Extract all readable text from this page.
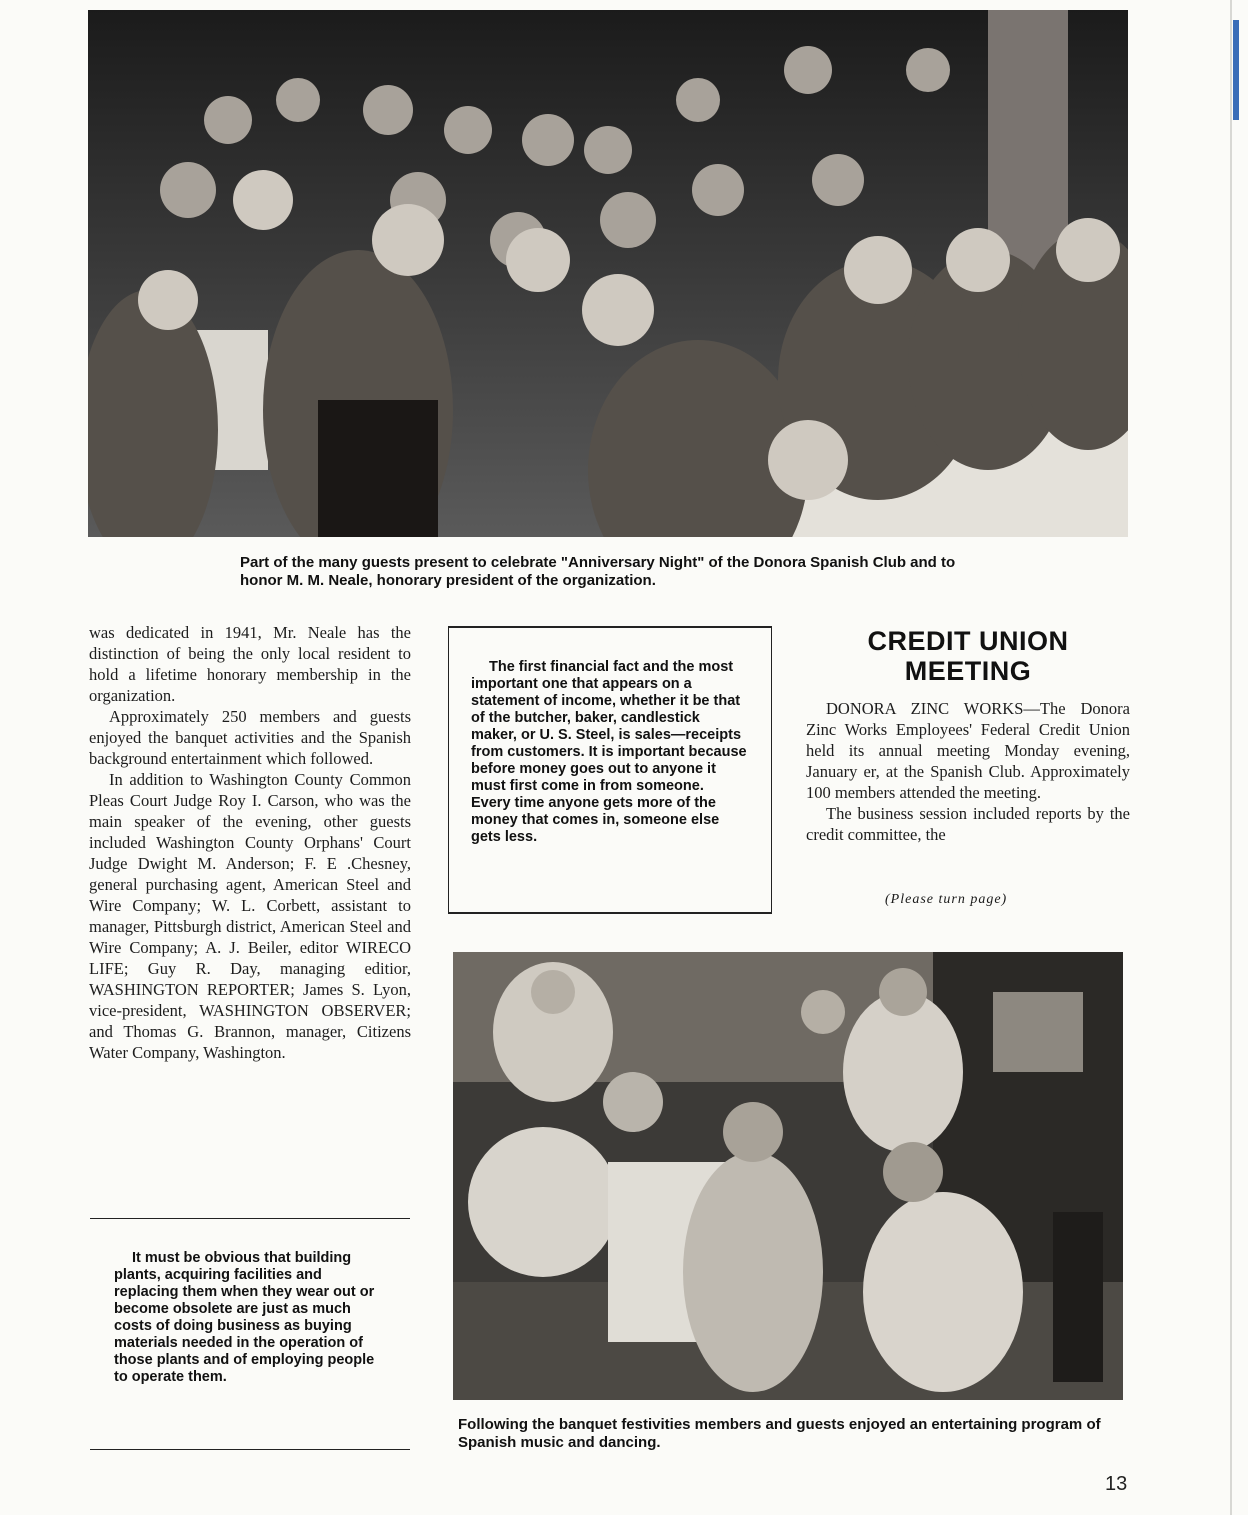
Part of the many guests present to celebrate "Anniversary Night" of the Donora Spanish Club and to honor M. M. Neale, honorary president of the organization.

was dedicated in 1941, Mr. Neale has the distinction of being the only local resident to hold a lifetime honorary membership in the organization.

Approximately 250 members and guests enjoyed the banquet activities and the Spanish background entertainment which followed.

In addition to Washington County Common Pleas Court Judge Roy I. Carson, who was the main speaker of the evening, other guests included Washington County Orphans' Court Judge Dwight M. Anderson; F. E .Chesney, general purchasing agent, American Steel and Wire Company; W. L. Corbett, assistant to manager, Pittsburgh district, American Steel and Wire Company; A. J. Beiler, editor WIRECO LIFE; Guy R. Day, managing editior, WASHINGTON REPORTER; James S. Lyon, vice-president, WASHINGTON OBSERVER; and Thomas G. Brannon, manager, Citizens Water Company, Washington.

It must be obvious that building plants, acquiring facilities and replacing them when they wear out or become obsolete are just as much costs of doing business as buying materials needed in the operation of those plants and of employing people to operate them.

The first financial fact and the most important one that appears on a statement of income, whether it be that of the butcher, baker, candlestick maker, or U. S. Steel, is sales—receipts from customers. It is important because before money goes out to anyone it must first come in from someone. Every time anyone gets more of the money that comes in, someone else gets less.

CREDIT UNION
MEETING

DONORA ZINC WORKS—The Donora Zinc Works Employees' Federal Credit Union held its annual meeting Monday evening, January er, at the Spanish Club. Approximately 100 members attended the meeting.

The business session included reports by the credit committee, the

(Please turn page)
Following the banquet festivities members and guests enjoyed an entertaining program of Spanish music and dancing.
13
